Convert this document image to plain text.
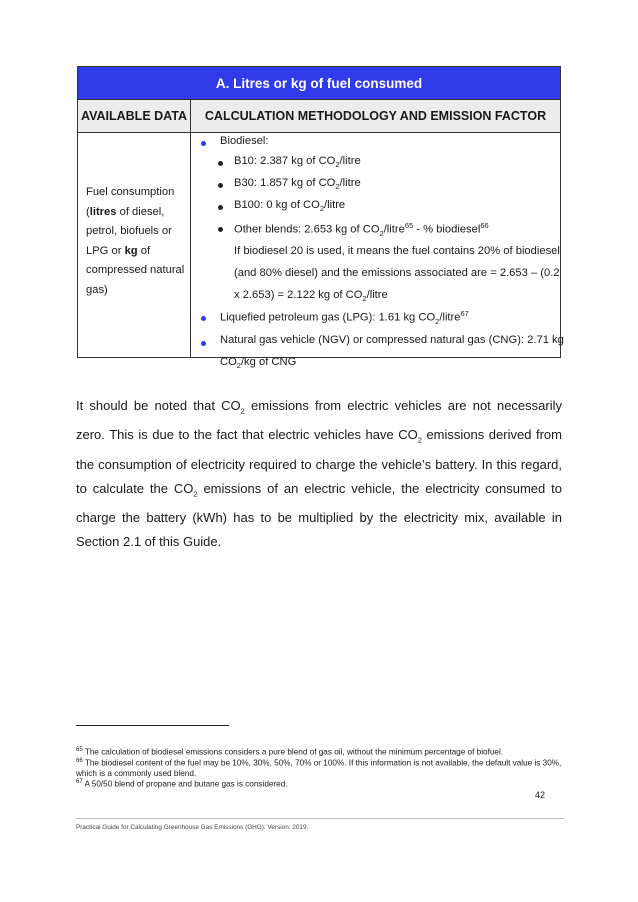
A. Litres or kg of fuel consumed
AVAILABLE DATA	CALCULATION METHODOLOGY AND EMISSION FACTOR
Fuel consumption
(litres of diesel,
petrol, biofuels or
LPG or kg of
compressed natural
gas)
Biodiesel:
B10: 2.387 kg of $CO_2$/litre
B30: 1.857 kg of $CO_2$/litre
B100: 0 kg of $CO_2$/litre
Other blends: 2.653 kg of $CO_2/litre^{65}$ - % biodiesel$^{66}$
If biodiesel 20 is used, it means the fuel contains 20% of biodiesel
(and 80% diesel) and the emissions associated are = 2.653 – (0.2
x 2.653) = 2.122 kg of $CO_2$/litre
Liquefied petroleum gas (LPG): 1.61 kg $CO_2/litre^{67}$
Natural gas vehicle (NGV) or compressed natural gas (CNG): 2.71 kg
$CO_2/kg$ of CNG

It should be noted that $CO_2$ emissions from electric vehicles are not necessarily zero. This is due to the fact that electric vehicles have $CO_2$ emissions derived from the consumption of electricity required to charge the vehicle’s battery. In this regard, to calculate the $CO_2$ emissions of an electric vehicle, the electricity consumed to charge the battery (kWh) has to be multiplied by the electricity mix, available in Section 2.1 of this Guide.

$^{65}$ The calculation of biodiesel emissions considers a pure blend of gas oil, without the minimum percentage of biofuel.
$^{66}$ The biodiesel content of the fuel may be 10%, 30%, 50%, 70% or 100%. If this information is not available, the default value is 30%, which is a commonly used blend.
$^{67}$ A 50/50 blend of propane and butane gas is considered.
42
Practical Guide for Calculating Greenhouse Gas Emissions (GHG). Version: 2019.
